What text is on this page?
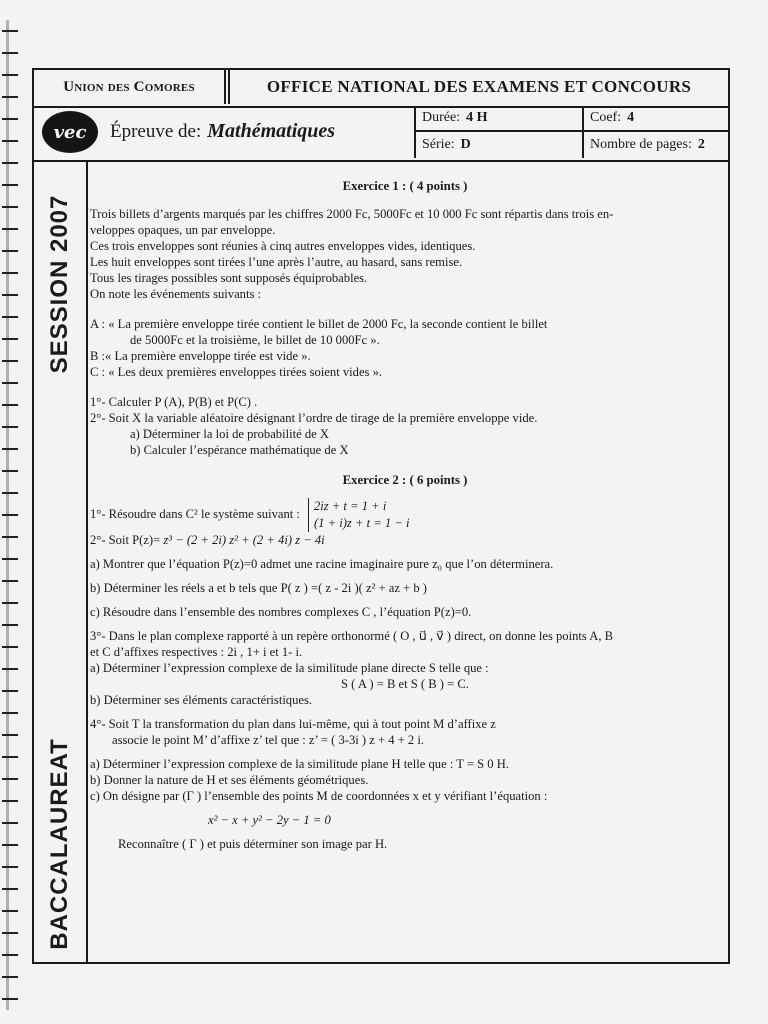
Union des Comores	OFFICE NATIONAL DES EXAMENS ET CONCOURS
vec	Épreuve de: Mathématiques
Durée: 4 H	Coef: 4
Série: D	Nombre de pages: 2
SESSION 2007
BACCALAUREAT

Exercice 1 : ( 4 points )

Trois billets d’argents marqués par les chiffres 2000 Fc, 5000Fc et 10 000 Fc sont répartis dans trois en-

veloppes opaques, un par enveloppe.

Ces trois enveloppes sont réunies à cinq autres enveloppes vides, identiques.

Les huit enveloppes sont tirées l’une après l’autre, au hasard, sans remise.

Tous les tirages possibles sont supposés équiprobables.

On note les événements suivants :

A : « La première enveloppe tirée contient le billet de 2000 Fc, la seconde contient le billet

de 5000Fc et la troisième, le billet de 10 000Fc ».

B :« La première enveloppe tirée est vide ».

C : « Les deux premières enveloppes tirées soient vides ».

1°- Calculer P (A), P(B) et P(C) .

2°- Soit X la variable aléatoire désignant l’ordre de tirage de la première enveloppe vide.

a) Déterminer la loi de probabilité de X

b) Calculer l’espérance mathématique de X

Exercice 2 : ( 6 points )

1°- Résoudre dans C² le système suivant :2iz + t = 1 + i
(1 + i)z + t = 1 − i

2°- Soit P(z)= z³ − (2 + 2i) z² + (2 + 4i) z − 4i

a) Montrer que l’équation P(z)=0 admet une racine imaginaire pure z₀ que l’on déterminera.

b) Déterminer les réels a et b tels que P( z ) =( z - 2i )( z² + az + b )

c) Résoudre dans l’ensemble des nombres complexes C , l’équation P(z)=0.

3°- Dans le plan complexe rapporté à un repère orthonormé ( O , u⃗ , v⃗ ) direct, on donne les points A, B

et C d’affixes respectives : 2i , 1+ i et 1- i.

a) Déterminer l’expression complexe de la similitude plane directe S telle que :

S ( A ) = B et S ( B ) = C.

b) Déterminer ses éléments caractéristiques.

4°- Soit T la transformation du plan dans lui-même, qui à tout point M d’affixe z

associe le point M’ d’affixe z’ tel que : z’ = ( 3-3i ) z + 4 + 2 i.

a) Déterminer l’expression complexe de la similitude plane H telle que : T = S 0 H.

b) Donner la nature de H et ses éléments géométriques.

c) On désigne par (Γ ) l’ensemble des points M de coordonnées x et y vérifiant l’équation :

x² − x + y² − 2y − 1 = 0

Reconnaître ( Γ ) et puis déterminer son image par H.
